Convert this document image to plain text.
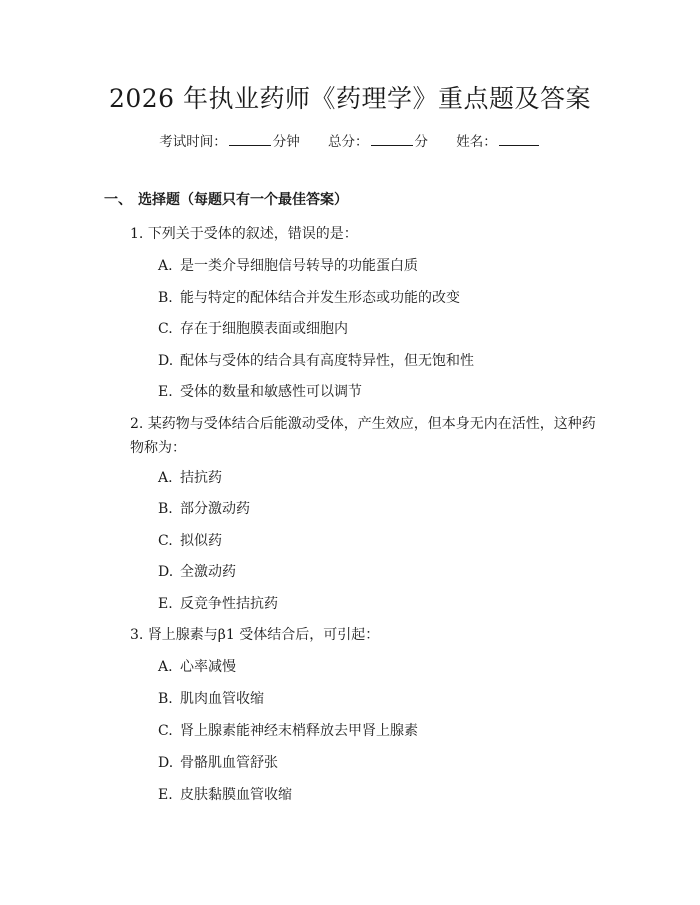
2026 年执业药师《药理学》重点题及答案
考试时间：	分钟 总分：	分 姓名：
一、 选择题（每题只有一个最佳答案）
1. 下列关于受体的叙述，错误的是：
A. 是一类介导细胞信号转导的功能蛋白质
B. 能与特定的配体结合并发生形态或功能的改变
C. 存在于细胞膜表面或细胞内
D. 配体与受体的结合具有高度特异性，但无饱和性
E. 受体的数量和敏感性可以调节
2. 某药物与受体结合后能激动受体，产生效应，但本身无内在活性，这种药物称为：
A. 拮抗药
B. 部分激动药
C. 拟似药
D. 全激动药
E. 反竞争性拮抗药
3. 肾上腺素与β1 受体结合后，可引起：
A. 心率减慢
B. 肌肉血管收缩
C. 肾上腺素能神经末梢释放去甲肾上腺素
D. 骨骼肌血管舒张
E. 皮肤黏膜血管收缩
